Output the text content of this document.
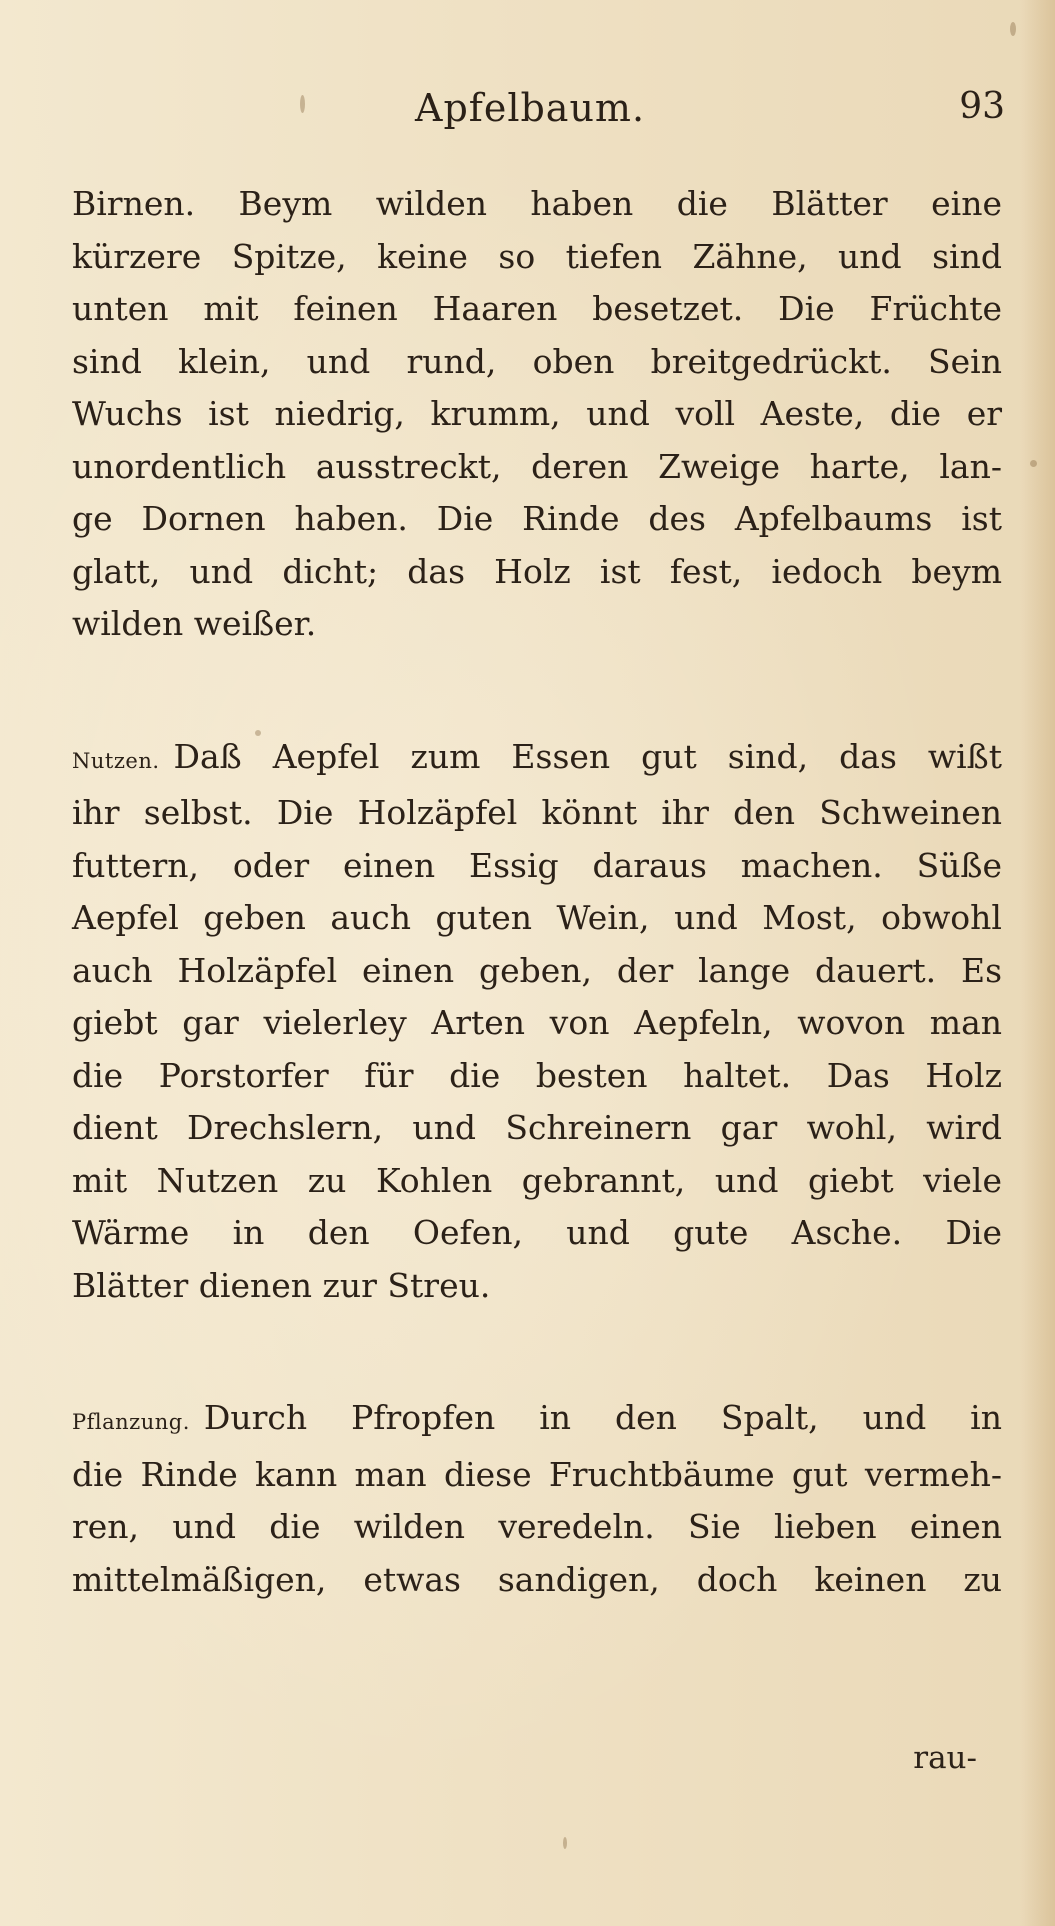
Apfelbaum.	93
Birnen. Beym wilden haben die Blätter eine
kürzere Spitze, keine so tiefen Zähne, und sind
unten mit feinen Haaren besetzet. Die Früchte
sind klein, und rund, oben breitgedrückt. Sein
Wuchs ist niedrig, krumm, und voll Aeste, die er
unordentlich ausstreckt, deren Zweige harte, lan-
ge Dornen haben. Die Rinde des Apfelbaums ist
glatt, und dicht; das Holz ist fest, iedoch beym
wilden weißer.
Nutzen. Daß Aepfel zum Essen gut sind, das wißt
ihr selbst. Die Holzäpfel könnt ihr den Schweinen
futtern, oder einen Essig daraus machen. Süße
Aepfel geben auch guten Wein, und Most, obwohl
auch Holzäpfel einen geben, der lange dauert. Es
giebt gar vielerley Arten von Aepfeln, wovon man
die Porstorfer für die besten haltet. Das Holz
dient Drechslern, und Schreinern gar wohl, wird
mit Nutzen zu Kohlen gebrannt, und giebt viele
Wärme in den Oefen, und gute Asche. Die
Blätter dienen zur Streu.
Pflanzung. Durch Pfropfen in den Spalt, und in
die Rinde kann man diese Fruchtbäume gut vermeh-
ren, und die wilden veredeln. Sie lieben einen
mittelmäßigen, etwas sandigen, doch keinen zu
rau-
